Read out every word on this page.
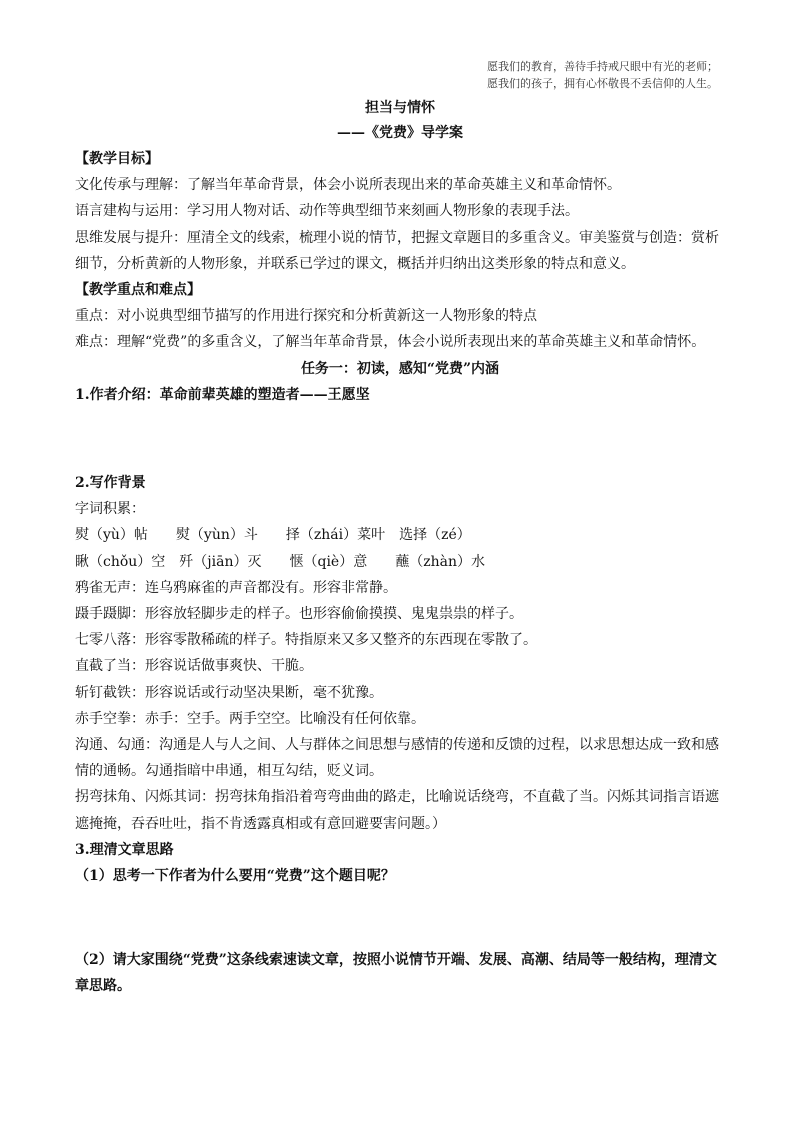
愿我们的教育，善待手持戒尺眼中有光的老师；
愿我们的孩子，拥有心怀敬畏不丢信仰的人生。

担当与情怀

——《党费》导学案

【教学目标】

文化传承与理解：了解当年革命背景，体会小说所表现出来的革命英雄主义和革命情怀。

语言建构与运用：学习用人物对话、动作等典型细节来刻画人物形象的表现手法。

思维发展与提升：厘清全文的线索，梳理小说的情节，把握文章题目的多重含义。审美鉴赏与创造：赏析细节，分析黄新的人物形象，并联系已学过的课文，概括并归纳出这类形象的特点和意义。

【教学重点和难点】

重点：对小说典型细节描写的作用进行探究和分析黄新这一人物形象的特点

难点：理解“党费”的多重含义，了解当年革命背景，体会小说所表现出来的革命英雄主义和革命情怀。

任务一：初读，感知“党费”内涵

1.作者介绍：革命前辈英雄的塑造者——王愿坚

2.写作背景

字词积累：

熨（yù）帖　　熨（yùn）斗　　择（zhái）菜叶　选择（zé）

瞅（chǒu）空　歼（jiān）灭　　惬（qiè）意　　蘸（zhàn）水

鸦雀无声：连乌鸦麻雀的声音都没有。形容非常静。

蹑手蹑脚：形容放轻脚步走的样子。也形容偷偷摸摸、鬼鬼祟祟的样子。

七零八落：形容零散稀疏的样子。特指原来又多又整齐的东西现在零散了。

直截了当：形容说话做事爽快、干脆。

斩钉截铁：形容说话或行动坚决果断，毫不犹豫。

赤手空拳：赤手：空手。两手空空。比喻没有任何依靠。

沟通、勾通：沟通是人与人之间、人与群体之间思想与感情的传递和反馈的过程，以求思想达成一致和感情的通畅。勾通指暗中串通，相互勾结，贬义词。

拐弯抹角、闪烁其词：拐弯抹角指沿着弯弯曲曲的路走，比喻说话绕弯，不直截了当。闪烁其词指言语遮遮掩掩，吞吞吐吐，指不肯透露真相或有意回避要害问题。）

3.理清文章思路

（1）思考一下作者为什么要用“党费”这个题目呢？

（2）请大家围绕“党费”这条线索速读文章，按照小说情节开端、发展、高潮、结局等一般结构，理清文章思路。
